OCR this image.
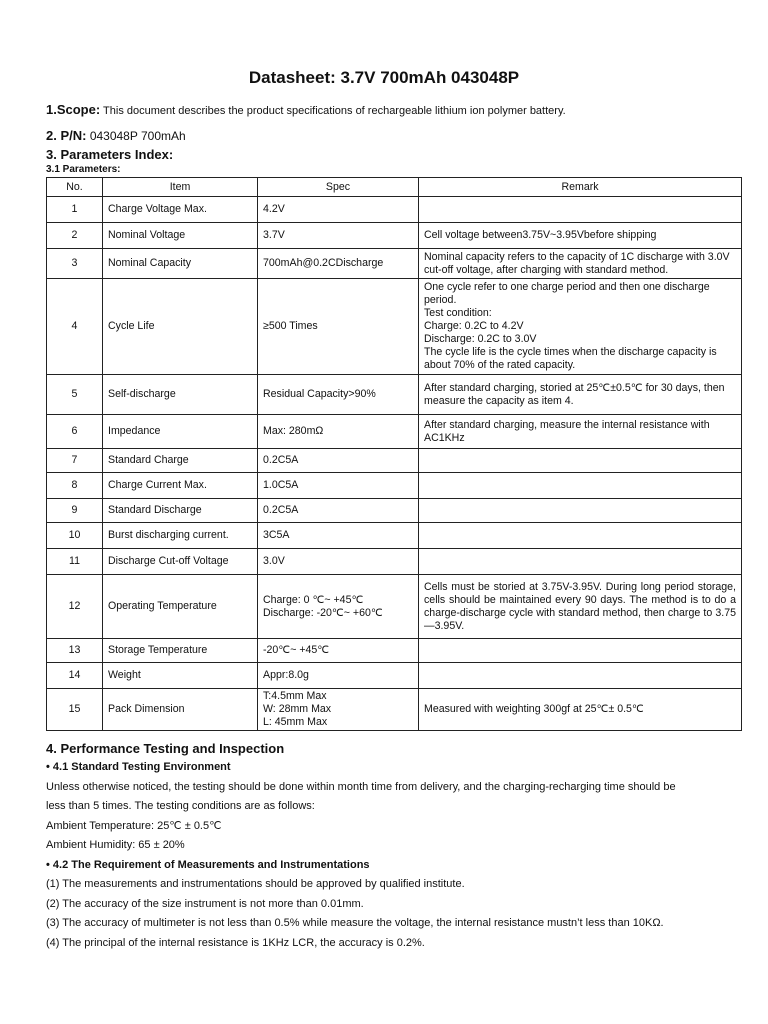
Datasheet: 3.7V 700mAh 043048P
1.Scope: This document describes the product specifications of rechargeable lithium ion polymer battery.
2. P/N: 043048P 700mAh
3. Parameters Index:
3.1 Parameters:
No.	Item	Spec	Remark
1	Charge Voltage Max.	4.2V	
2	Nominal Voltage	3.7V	Cell voltage between3.75V~3.95Vbefore shipping
3	Nominal Capacity	700mAh@0.2CDischarge	Nominal capacity refers to the capacity of 1C discharge with 3.0V cut-off voltage, after charging with standard method.
4	Cycle Life	≥500 Times	One cycle refer to one charge period and then one discharge period.
Test condition:
Charge: 0.2C to 4.2V
Discharge: 0.2C to 3.0V
The cycle life is the cycle times when the discharge capacity is about 70% of the rated capacity.
5	Self-discharge	Residual Capacity>90%	After standard charging, storied at 25℃±0.5℃ for 30 days, then measure the capacity as item 4.
6	Impedance	Max: 280mΩ	After standard charging, measure the internal resistance with AC1KHz
7	Standard Charge	0.2C5A	
8	Charge Current Max.	1.0C5A	
9	Standard Discharge	0.2C5A	
10	Burst discharging current.	3C5A	
11	Discharge Cut-off Voltage	3.0V	
12	Operating Temperature	Charge: 0 ℃~ +45℃
Discharge: -20℃~ +60℃	Cells must be storied at 3.75V-3.95V. During long period storage, cells should be maintained every 90 days. The method is to do a charge-discharge cycle with standard method, then charge to 3.75—3.95V.
13	Storage Temperature	-20℃~ +45℃	
14	Weight	Appr:8.0g	
15	Pack Dimension	T:4.5mm Max
W: 28mm Max
L: 45mm Max	Measured with weighting 300gf at 25℃± 0.5℃
4. Performance Testing and Inspection
• 4.1 Standard Testing Environment
Unless otherwise noticed, the testing should be done within month time from delivery, and the charging-recharging time should be
less than 5 times. The testing conditions are as follows:
Ambient Temperature: 25℃ ± 0.5℃
Ambient Humidity: 65 ± 20%
• 4.2 The Requirement of Measurements and Instrumentations
(1) The measurements and instrumentations should be approved by qualified institute.
(2) The accuracy of the size instrument is not more than 0.01mm.
(3) The accuracy of multimeter is not less than 0.5% while measure the voltage, the internal resistance mustn’t less than 10KΩ.
(4) The principal of the internal resistance is 1KHz LCR, the accuracy is 0.2%.
